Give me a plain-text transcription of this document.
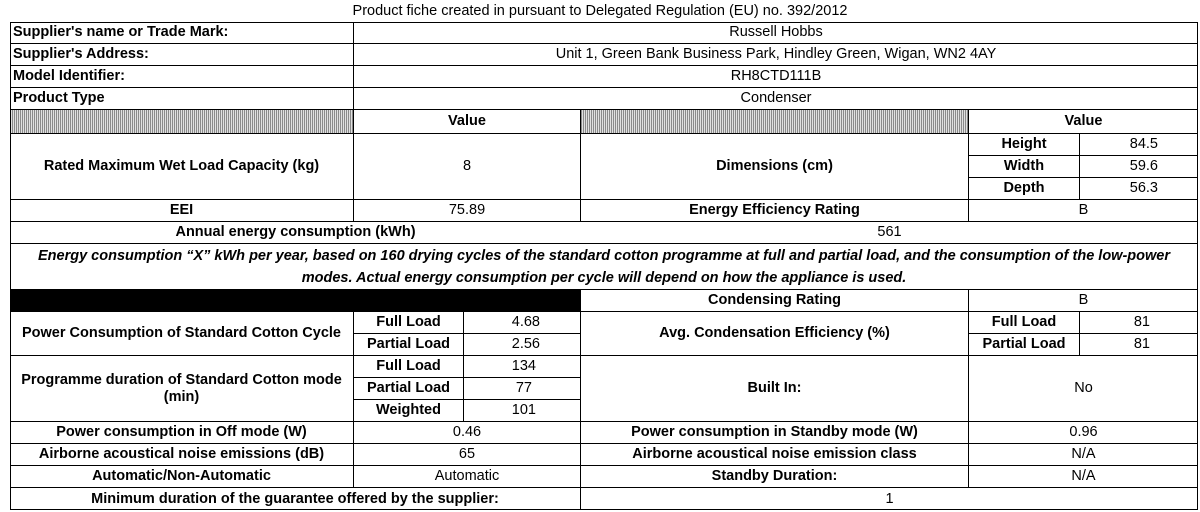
Product fiche created in pursuant to Delegated Regulation (EU) no. 392/2012
Supplier's name or Trade Mark:	Russell Hobbs
Supplier's Address:	Unit 1, Green Bank Business Park, Hindley Green, Wigan, WN2 4AY
Model Identifier:	RH8CTD111B
Product Type	Condenser
Value	Value
Rated Maximum Wet Load Capacity (kg)	8	Dimensions (cm)
Height	84.5
Width	59.6
Depth	56.3
EEI	75.89	Energy Efficiency Rating	B
Annual energy consumption (kWh)	561
Energy consumption “X” kWh per year, based on 160 drying cycles of the standard cotton programme at full and partial load, and the consumption of the low-power modes. Actual energy consumption per cycle will depend on how the appliance is used.
Condensing Rating	B
Power Consumption of Standard Cotton Cycle
Full Load	4.68
Partial Load	2.56
Avg. Condensation Efficiency (%)
Full Load	81
Partial Load	81
Programme duration of Standard Cotton mode (min)
Full Load	134
Partial Load	77
Weighted	101
Built In:	No
Power consumption in Off mode (W)	0.46	Power consumption in Standby mode (W)	0.96
Airborne acoustical noise emissions (dB)	65	Airborne acoustical noise emission class	N/A
Automatic/Non-Automatic	Automatic	Standby Duration:	N/A
Minimum duration of the guarantee offered by the supplier:	1
